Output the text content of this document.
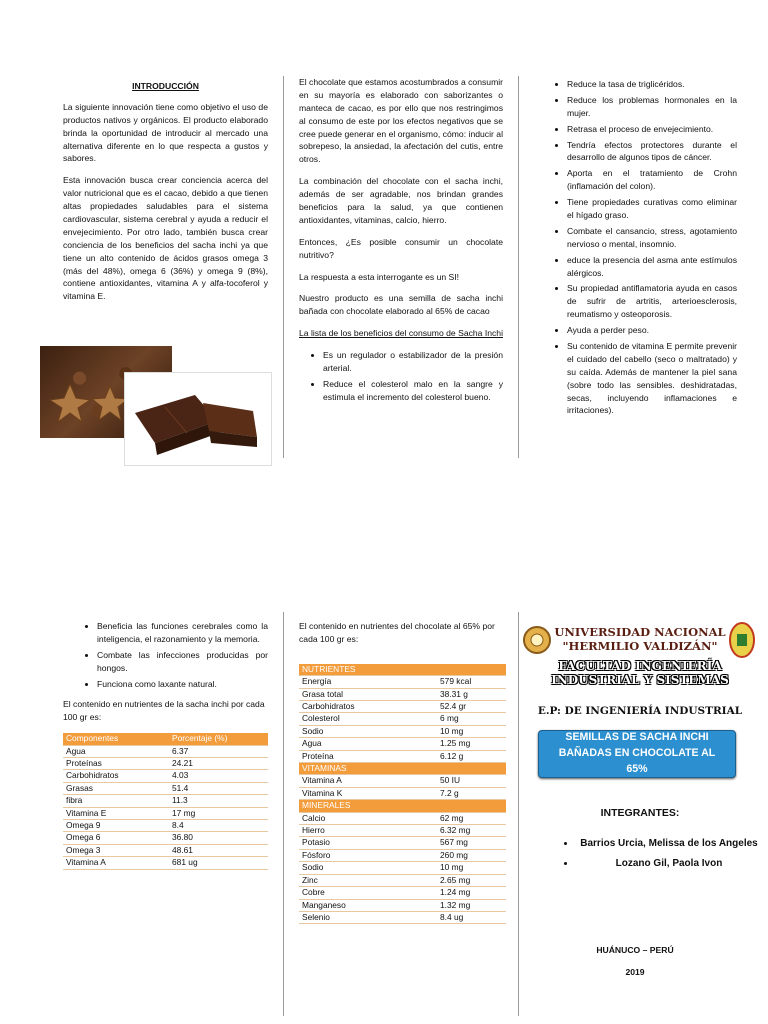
INTRODUCCIÓN

La siguiente innovación tiene como objetivo el uso de productos nativos y orgánicos. El producto elaborado brinda la oportunidad de introducir al mercado una alternativa diferente en lo que respecta a gustos y sabores.

Esta innovación busca crear conciencia acerca del valor nutricional que es el cacao, debido a que tienen altas propiedades saludables para el sistema cardiovascular, sistema cerebral y ayuda a reducir el envejecimiento. Por otro lado, también busca crear conciencia de los beneficios del sacha inchi ya que tiene un alto contenido de ácidos grasos omega 3 (más del 48%), omega 6 (36%) y omega 9 (8%), contiene antioxidantes, vitamina A y alfa-tocoferol y vitamina E.

El chocolate que estamos acostumbrados a consumir en su mayoría es elaborado con saborizantes o manteca de cacao, es por ello que nos restringimos al consumo de este por los efectos negativos que se cree puede generar en el organismo, cómo: inducir al sobrepeso, la ansiedad, la afectación del cutis, entre otros.

La combinación del chocolate con el sacha inchi, además de ser agradable, nos brindan grandes beneficios para la salud, ya que contienen antioxidantes, vitaminas, calcio, hierro.

Entonces, ¿Es posible consumir un chocolate nutritivo?

La respuesta a esta interrogante es un SI!

Nuestro producto es una semilla de sacha inchi bañada con chocolate elaborado al 65% de cacao

La lista de los beneficios del consumo de Sacha Inchi

• Es un regulador o estabilizador de la presión arterial.
• Reduce el colesterol malo en la sangre y estimula el incremento del colesterol bueno.
• Reduce la tasa de triglicéridos.
• Reduce los problemas hormonales en la mujer.
• Retrasa el proceso de envejecimiento.
• Tendría efectos protectores durante el desarrollo de algunos tipos de cáncer.
• Aporta en el tratamiento de Crohn (inflamación del colon).
• Tiene propiedades curativas como eliminar el hígado graso.
• Combate el cansancio, stress, agotamiento nervioso o mental, insomnio.
• educe la presencia del asma ante estímulos alérgicos.
• Su propiedad antiflamatoria ayuda en casos de sufrir de artritis, arterioesclerosis, reumatismo y osteoporosis.
• Ayuda a perder peso.
• Su contenido de vitamina E permite prevenir el cuidado del cabello (seco o maltratado) y su caída. Además de mantener la piel sana (sobre todo las sensibles. deshidratadas, secas, incluyendo inflamaciones e irritaciones).
• Beneficia las funciones cerebrales como la inteligencia, el razonamiento y la memoria.
• Combate las infecciones producidas por hongos.
• Funciona como laxante natural.

El contenido en nutrientes de la sacha inchi por cada 100 gr es:

Componentes	Porcentaje (%)
Agua	6.37
Proteínas	24.21
Carbohidratos	4.03
Grasas	51.4
fibra	11.3
Vitamina E	17 mg
Omega 9	8.4
Omega 6	36.80
Omega 3	48.61
Vitamina A	681 ug

El contenido en nutrientes del chocolate al 65% por cada 100 gr es:

NUTRIENTES	
Energía	579 kcal
Grasa total	38.31 g
Carbohidratos	52.4 gr
Colesterol	6 mg
Sodio	10 mg
Agua	1.25 mg
Proteína	6.12 g
VITAMINAS	
Vitamina A	50 IU
Vitamina K	7.2 g
MINERALES	
Calcio	62 mg
Hierro	6.32 mg
Potasio	567 mg
Fósforo	260 mg
Sodio	10 mg
Zinc	2.65 mg
Cobre	1.24 mg
Manganeso	1.32 mg
Selenio	8.4 ug
UNIVERSIDAD NACIONAL
"HERMILIO VALDIZÁN"
FACULTAD INGENIERÍA
INDUSTRIAL Y SISTEMAS
E.P: DE INGENIERÍA INDUSTRIAL
SEMILLAS DE SACHA INCHI BAÑADAS EN CHOCOLATE AL 65%
INTEGRANTES:
• Barrios Urcia, Melissa de los Angeles
• Lozano Gil, Paola Ivon
HUÁNUCO – PERÚ
2019
